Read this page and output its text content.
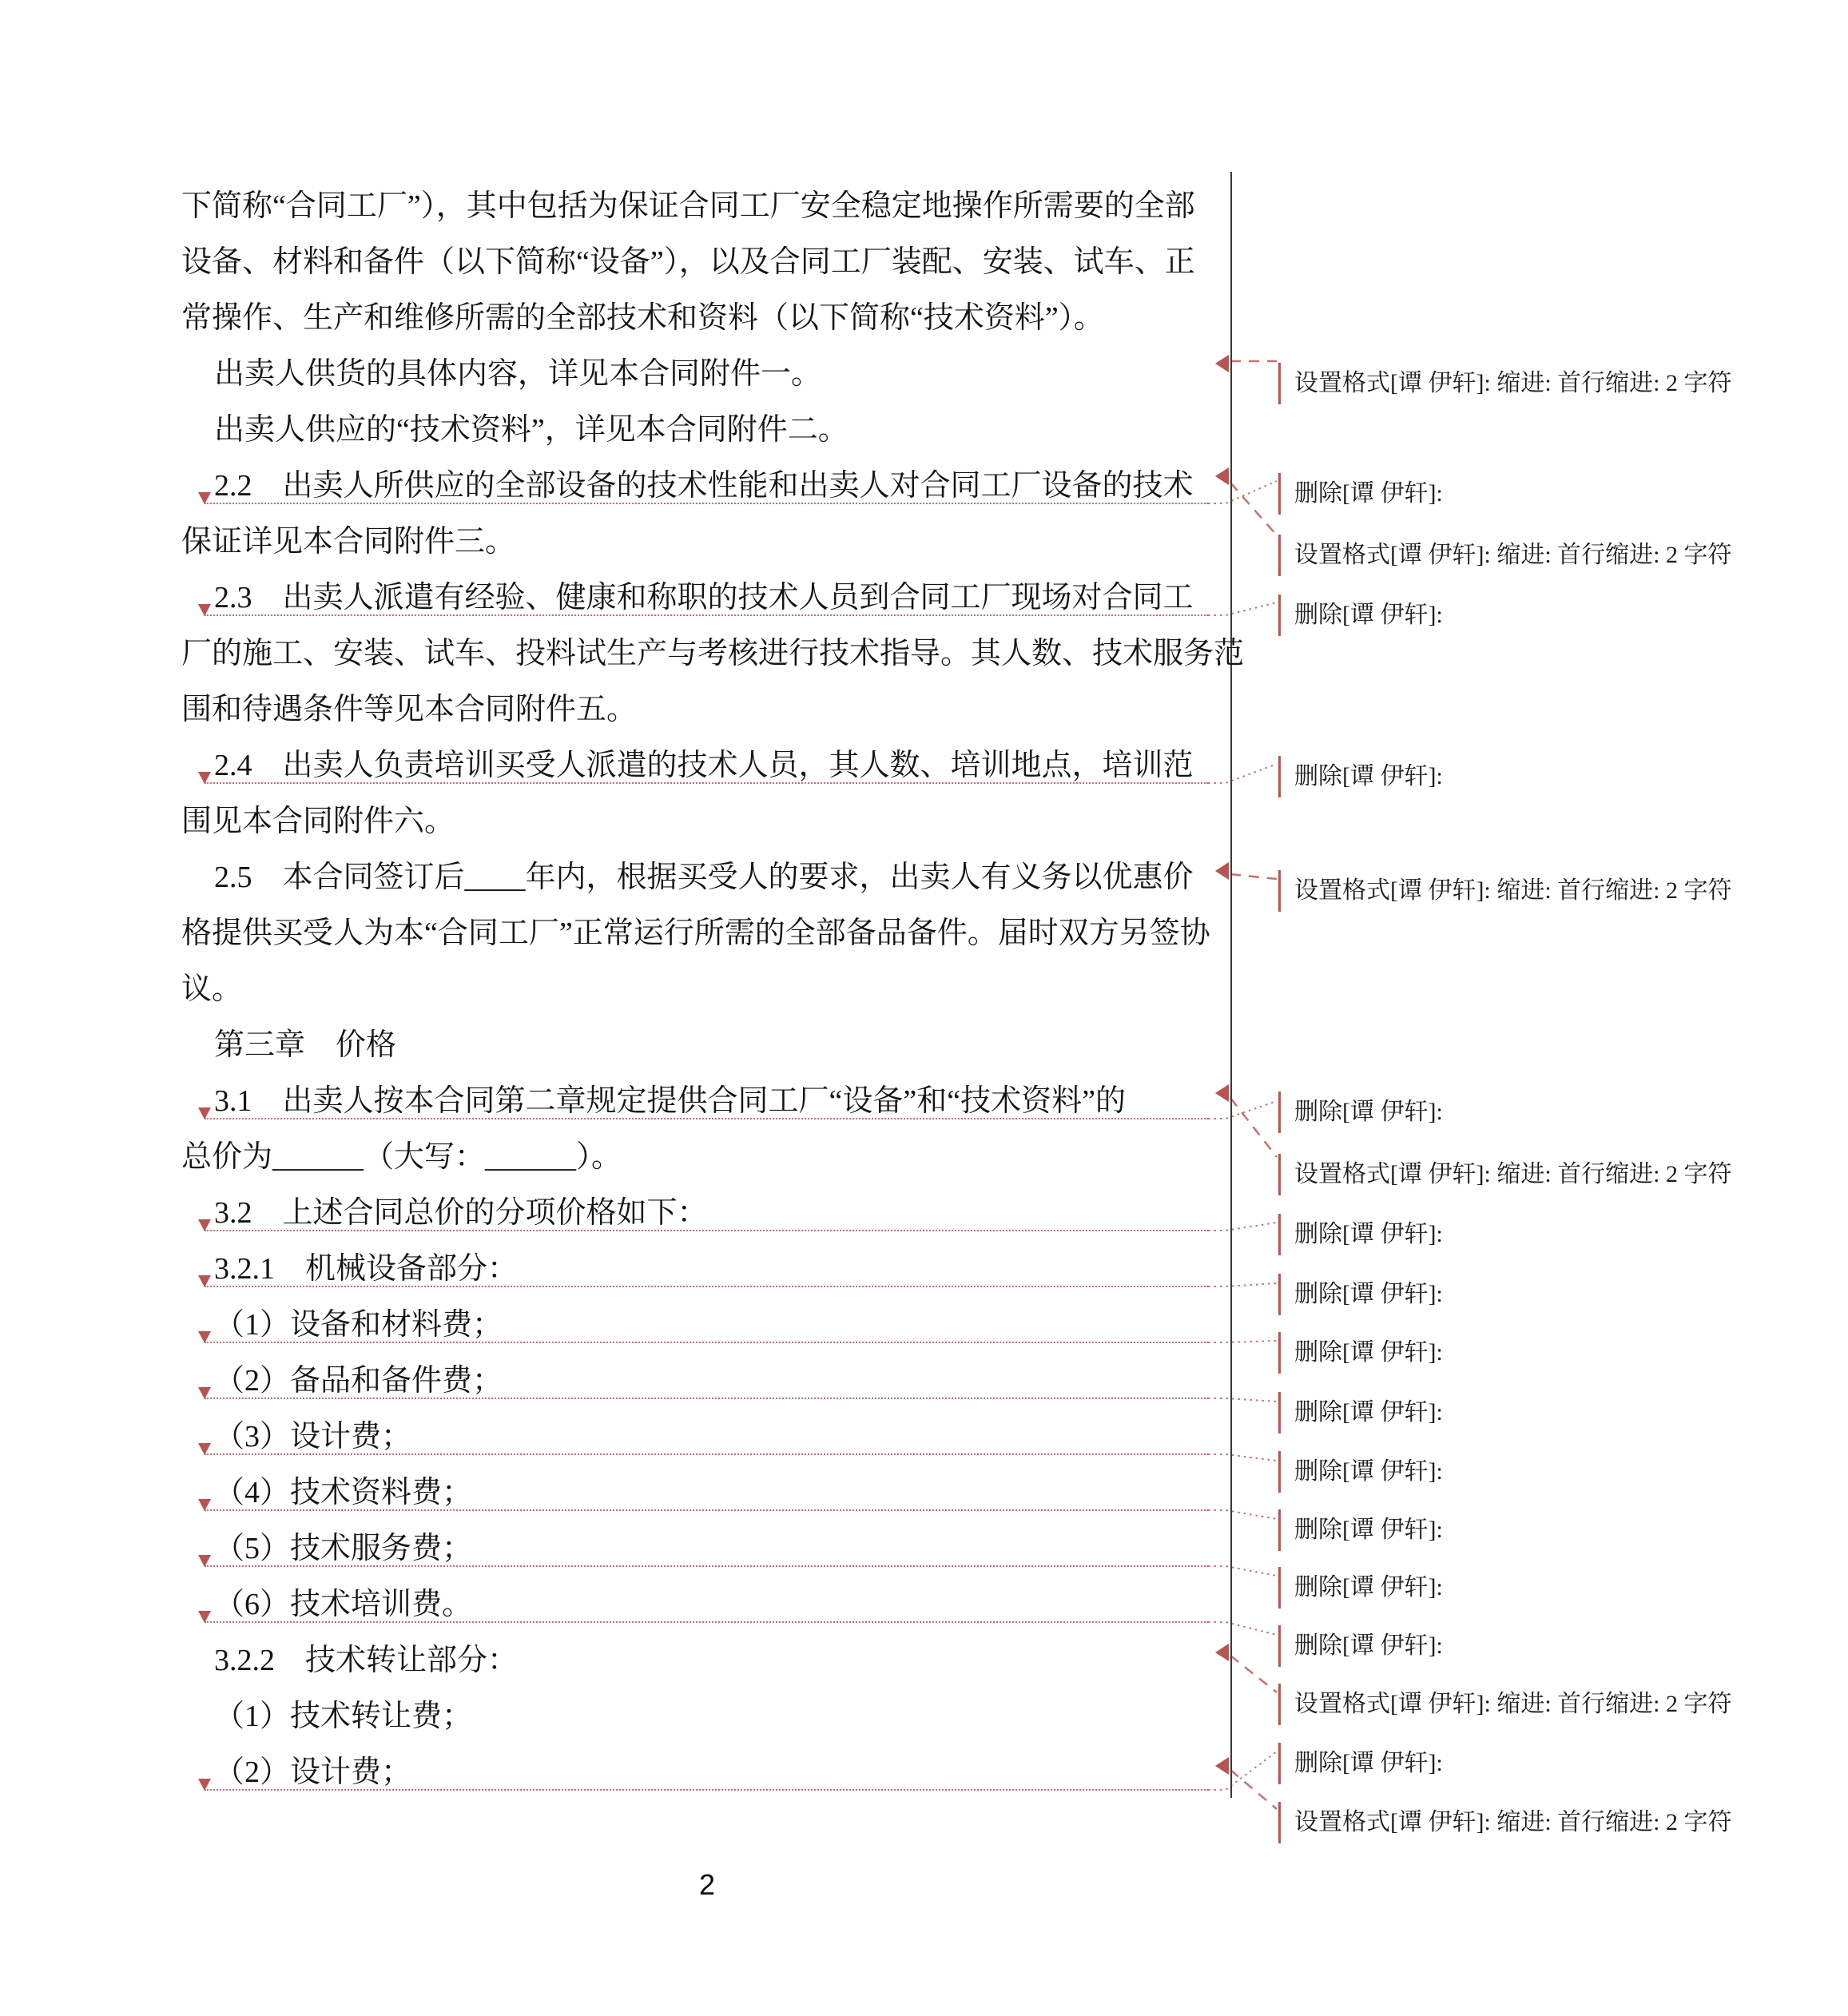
下简称“合同工厂”），其中包括为保证合同工厂安全稳定地操作所需要的全部
设备、材料和备件（以下简称“设备”），以及合同工厂装配、安装、试车、正
常操作、生产和维修所需的全部技术和资料（以下简称“技术资料”）。
出卖人供货的具体内容，详见本合同附件一。
出卖人供应的“技术资料”，详见本合同附件二。
2.2　出卖人所供应的全部设备的技术性能和出卖人对合同工厂设备的技术
保证详见本合同附件三。
2.3　出卖人派遣有经验、健康和称职的技术人员到合同工厂现场对合同工
厂的施工、安装、试车、投料试生产与考核进行技术指导。其人数、技术服务范
围和待遇条件等见本合同附件五。
2.4　出卖人负责培训买受人派遣的技术人员，其人数、培训地点，培训范
围见本合同附件六。
2.5　本合同签订后____年内，根据买受人的要求，出卖人有义务以优惠价
格提供买受人为本“合同工厂”正常运行所需的全部备品备件。届时双方另签协
议。
第三章　价格
3.1　出卖人按本合同第二章规定提供合同工厂“设备”和“技术资料”的
总价为______（大写：______）。
3.2　上述合同总价的分项价格如下：
3.2.1　机械设备部分：
（1）设备和材料费；
（2）备品和备件费；
（3）设计费；
（4）技术资料费；
（5）技术服务费；
（6）技术培训费。
3.2.2　技术转让部分：
（1）技术转让费；
（2）设计费；
设置格式[谭 伊轩]: 缩进: 首行缩进: 2 字符
删除[谭 伊轩]:
设置格式[谭 伊轩]: 缩进: 首行缩进: 2 字符
删除[谭 伊轩]:
删除[谭 伊轩]:
设置格式[谭 伊轩]: 缩进: 首行缩进: 2 字符
删除[谭 伊轩]:
设置格式[谭 伊轩]: 缩进: 首行缩进: 2 字符
删除[谭 伊轩]:
删除[谭 伊轩]:
删除[谭 伊轩]:
删除[谭 伊轩]:
删除[谭 伊轩]:
删除[谭 伊轩]:
删除[谭 伊轩]:
删除[谭 伊轩]:
设置格式[谭 伊轩]: 缩进: 首行缩进: 2 字符
删除[谭 伊轩]:
设置格式[谭 伊轩]: 缩进: 首行缩进: 2 字符
2
